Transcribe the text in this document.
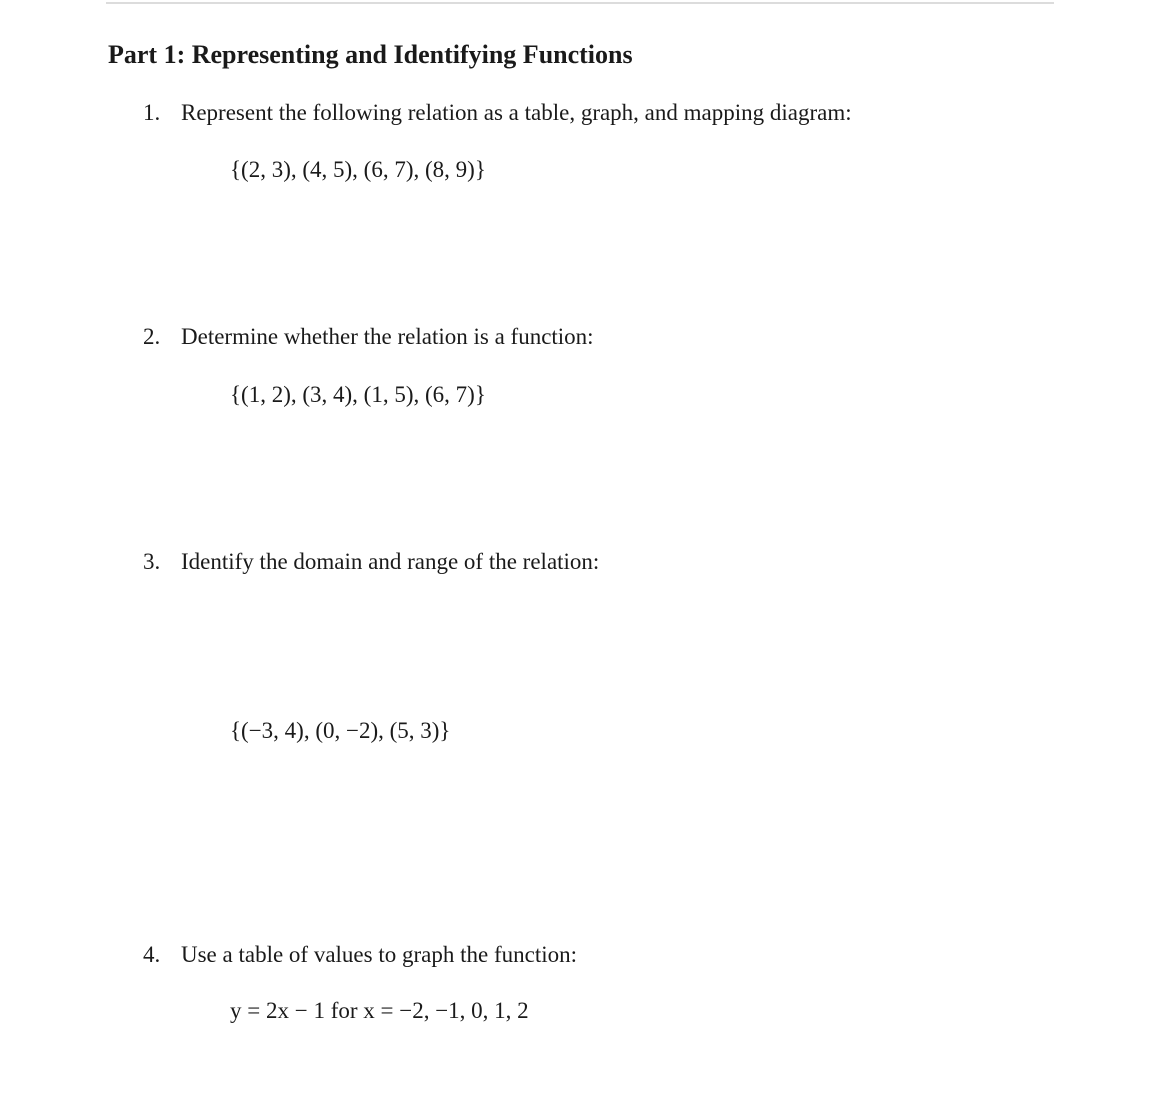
Part 1: Representing and Identifying Functions
1. Represent the following relation as a table, graph, and mapping diagram:
{(2, 3), (4, 5), (6, 7), (8, 9)}
2. Determine whether the relation is a function:
{(1, 2), (3, 4), (1, 5), (6, 7)}
3. Identify the domain and range of the relation:
{(−3, 4), (0, −2), (5, 3)}
4. Use a table of values to graph the function:
y = 2x − 1 for x = −2, −1, 0, 1, 2
